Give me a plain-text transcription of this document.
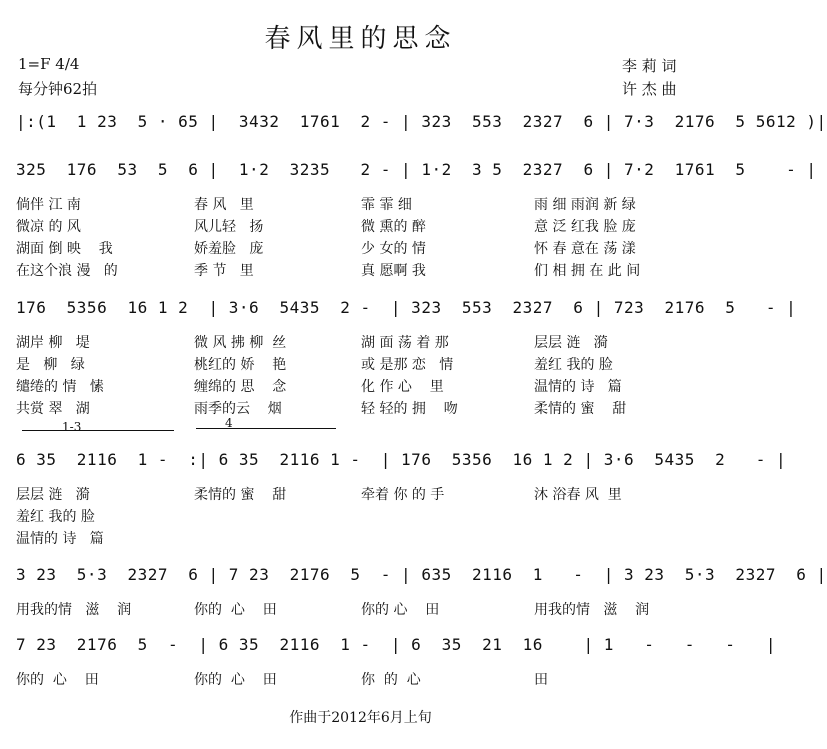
春风里的思念
1=F 4/4
每分钟62拍
李 莉 词
许 杰 曲
1-3	4
|:(1  1 23  5 · 65 |  3432  1761  2 - | 323  553  2327  6 | 7·3  2176  5 5612 )|
325  176  53  5  6 |  1·2  3235   2 - | 1·2  3 5  2327  6 | 7·2  1761  5    - |
倘伴 江 南	春 风   里	霏 霏 细	雨 细 雨润 新 绿
微凉 的 风	风儿轻   扬	微 熏的 醉	意 泛 红我 脸 庞
湖面 倒 映    我	娇羞脸   庞	少 女的 情	怀 春 意在 荡 漾
在这个浪 漫   的	季 节   里	真 愿啊 我	们 相 拥 在 此 间
176  5356  16 1 2  | 3·6  5435  2 -  | 323  553  2327  6 | 723  2176  5   - |
湖岸 柳   堤	微 风 拂 柳  丝	湖 面 荡 着 那	层层 涟   漪
是   柳   绿	桃红的 娇    艳	或 是那 恋   情	羞红 我的 脸
缱绻的 情   愫	缠绵的 思    念	化 作 心    里	温情的 诗   篇
共赏 翠   湖	雨季的云    烟	轻 轻的 拥    吻	柔情的 蜜    甜
6 35  2116  1 -  :| 6 35  2116 1 -  | 176  5356  16 1 2 | 3·6  5435  2   - |
层层 涟   漪	柔情的 蜜    甜	牵着 你 的 手	沐 浴春 风  里
羞红 我的 脸
温情的 诗   篇
3 23  5·3  2327  6 | 7 23  2176  5  - | 635  2116  1   -  | 3 23  5·3  2327  6 |
用我的情   滋    润	你的  心    田	你的 心    田	用我的情   滋    润
7 23  2176  5  -  | 6 35  2116  1 -  | 6  35  21  16    | 1   -   -   -   |
你的  心    田	你的  心    田	你  的  心	田
作曲于2012年6月上旬
